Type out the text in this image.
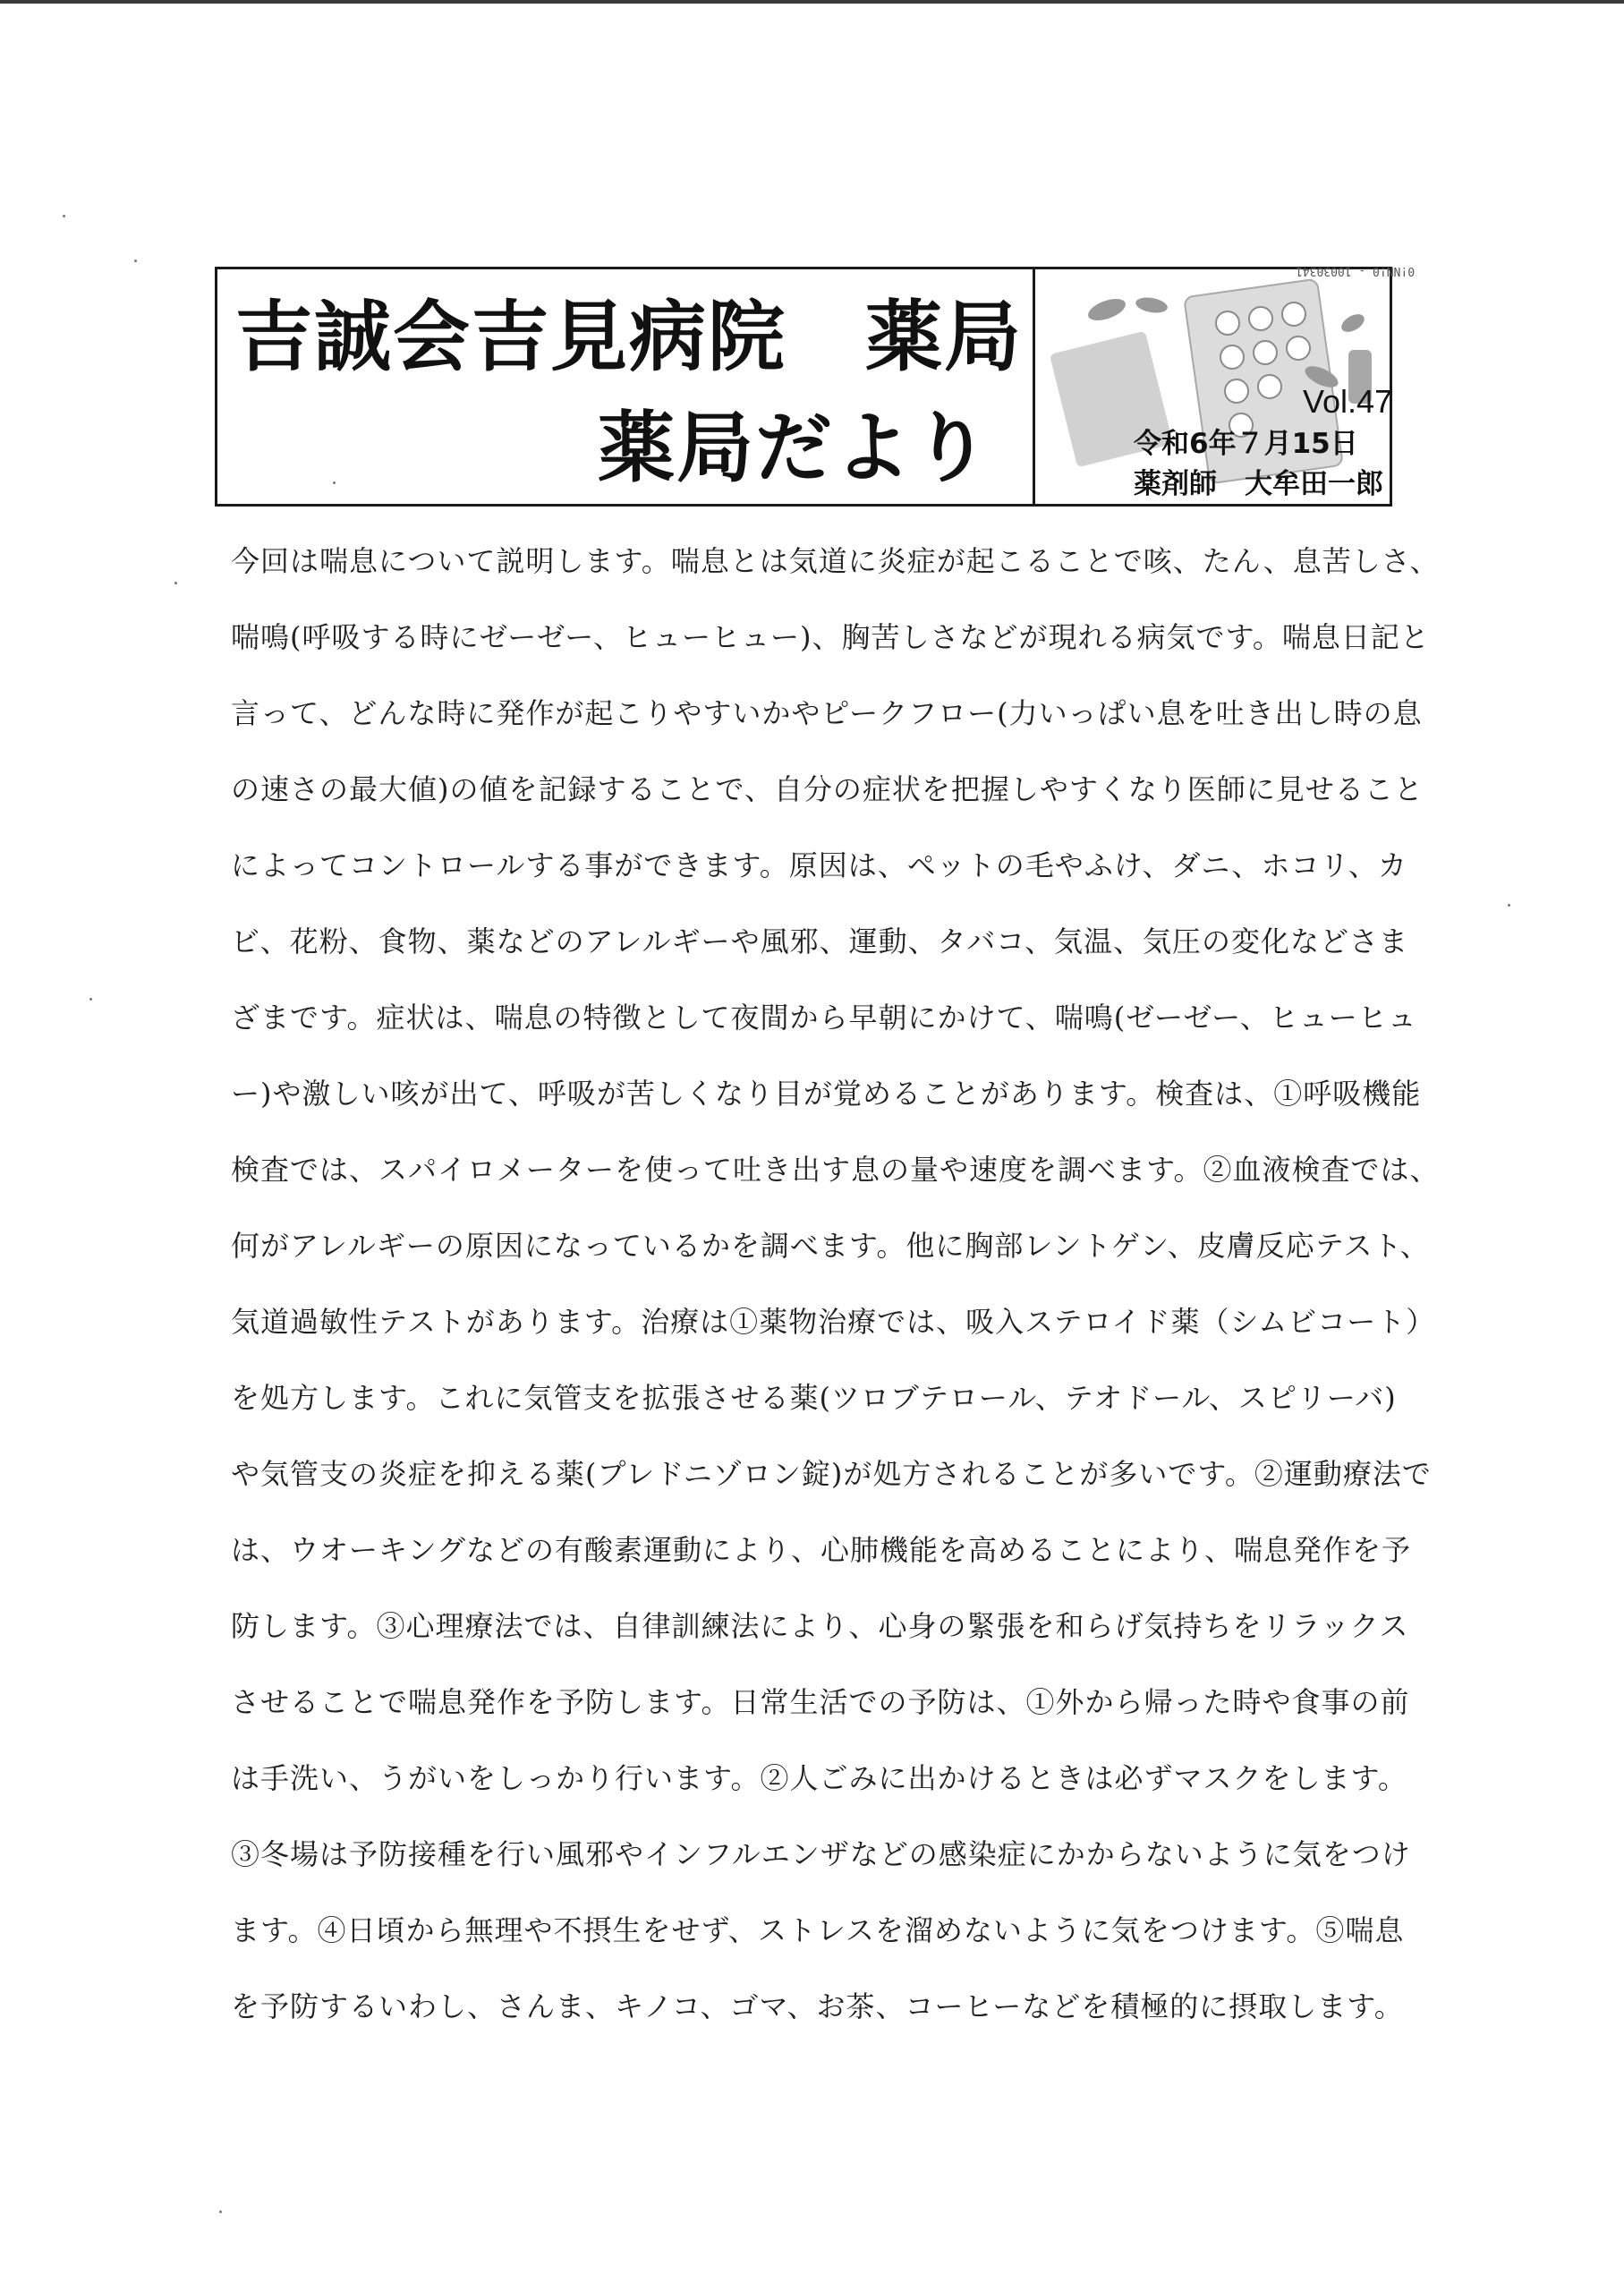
吉誠会吉見病院　薬局
薬局だより
0!NN!0 - 10030341
Vol.47
令和6年７月15日
薬剤師　大牟田一郎
今回は喘息について説明します。喘息とは気道に炎症が起こることで咳、たん、息苦しさ、
喘鳴(呼吸する時にゼーゼー、ヒューヒュー)、胸苦しさなどが現れる病気です。喘息日記と
言って、どんな時に発作が起こりやすいかやピークフロー(力いっぱい息を吐き出し時の息
の速さの最大値)の値を記録することで、自分の症状を把握しやすくなり医師に見せること
によってコントロールする事ができます。原因は、ペットの毛やふけ、ダニ、ホコリ、カ
ビ、花粉、食物、薬などのアレルギーや風邪、運動、タバコ、気温、気圧の変化などさま
ざまです。症状は、喘息の特徴として夜間から早朝にかけて、喘鳴(ゼーゼー、ヒューヒュ
ー)や激しい咳が出て、呼吸が苦しくなり目が覚めることがあります。検査は、①呼吸機能
検査では、スパイロメーターを使って吐き出す息の量や速度を調べます。②血液検査では、
何がアレルギーの原因になっているかを調べます。他に胸部レントゲン、皮膚反応テスト、
気道過敏性テストがあります。治療は①薬物治療では、吸入ステロイド薬（シムビコート）
を処方します。これに気管支を拡張させる薬(ツロブテロール、テオドール、スピリーバ)
や気管支の炎症を抑える薬(プレドニゾロン錠)が処方されることが多いです。②運動療法で
は、ウオーキングなどの有酸素運動により、心肺機能を高めることにより、喘息発作を予
防します。③心理療法では、自律訓練法により、心身の緊張を和らげ気持ちをリラックス
させることで喘息発作を予防します。日常生活での予防は、①外から帰った時や食事の前
は手洗い、うがいをしっかり行います。②人ごみに出かけるときは必ずマスクをします。
③冬場は予防接種を行い風邪やインフルエンザなどの感染症にかからないように気をつけ
ます。④日頃から無理や不摂生をせず、ストレスを溜めないように気をつけます。⑤喘息
を予防するいわし、さんま、キノコ、ゴマ、お茶、コーヒーなどを積極的に摂取します。
